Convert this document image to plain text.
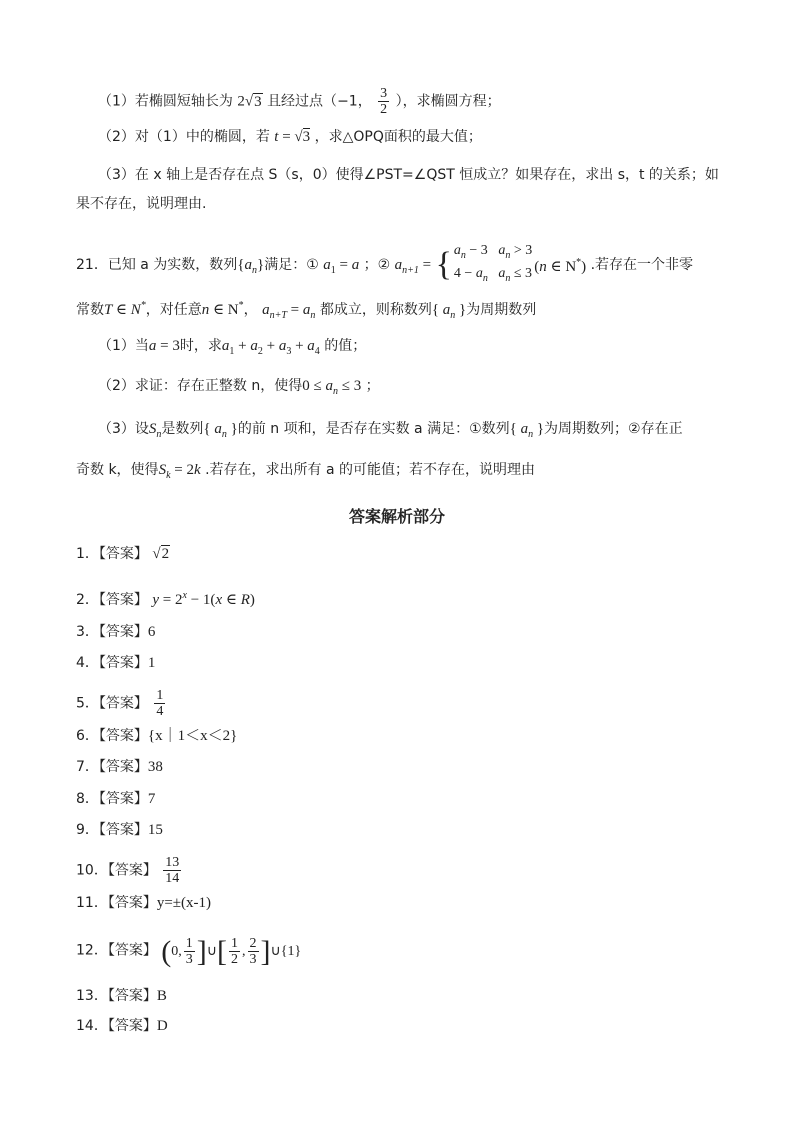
（1）若椭圆短轴长为 2√3 且经过点（−1， $\frac{3}{2}$ ），求椭圆方程；
（2）对（1）中的椭圆，若 t = √3 ，求△OPQ面积的最大值；
（3）在 x 轴上是否存在点 S（s，0）使得∠PST=∠QST 恒成立？如果存在，求出 s，t 的关系；如
果不存在，说明理由.
21．已知 a 为实数，数列$\{a_n\}$满足：① $a_1 = a$ ；② $a_{n+1}$ = { $a_n - 3$   $a_n > 3$
$4 - a_n$   $a_n \le 3$ (n ∈ N*) .若存在一个非零
常数T ∈ N*，对任意n ∈ N*， $a_{n+T} = a_n$ 都成立，则称数列{ $a_n$ }为周期数列
（1）当a = 3时，求$a_1 + a_2 + a_3 + a_4$ 的值；
（2）求证：存在正整数 n，使得$0 \le a_n \le 3$ ；
（3）设$S_n$是数列{ $a_n$ }的前 n 项和，是否存在实数 a 满足：①数列{ $a_n$ }为周期数列；②存在正
奇数 k，使得$S_k = 2k$ .若存在，求出所有 a 的可能值；若不存在，说明理由
答案解析部分
1．【答案】 √2
2．【答案】 $y = 2^x - 1(x$ ∈ R)
3．【答案】6
4．【答案】1
5．【答案】 $\frac{1}{4}$
6．【答案】{x｜1＜x＜2}
7．【答案】38
8．【答案】7
9．【答案】15
10．【答案】 $\frac{13}{14}$
11．【答案】y=±(x-1)
12．【答案】 (0, $\frac{1}{3}$ ]∪[ $\frac{1}{2}$ , $\frac{2}{3}$ ]∪{1}
13．【答案】B
14．【答案】D
